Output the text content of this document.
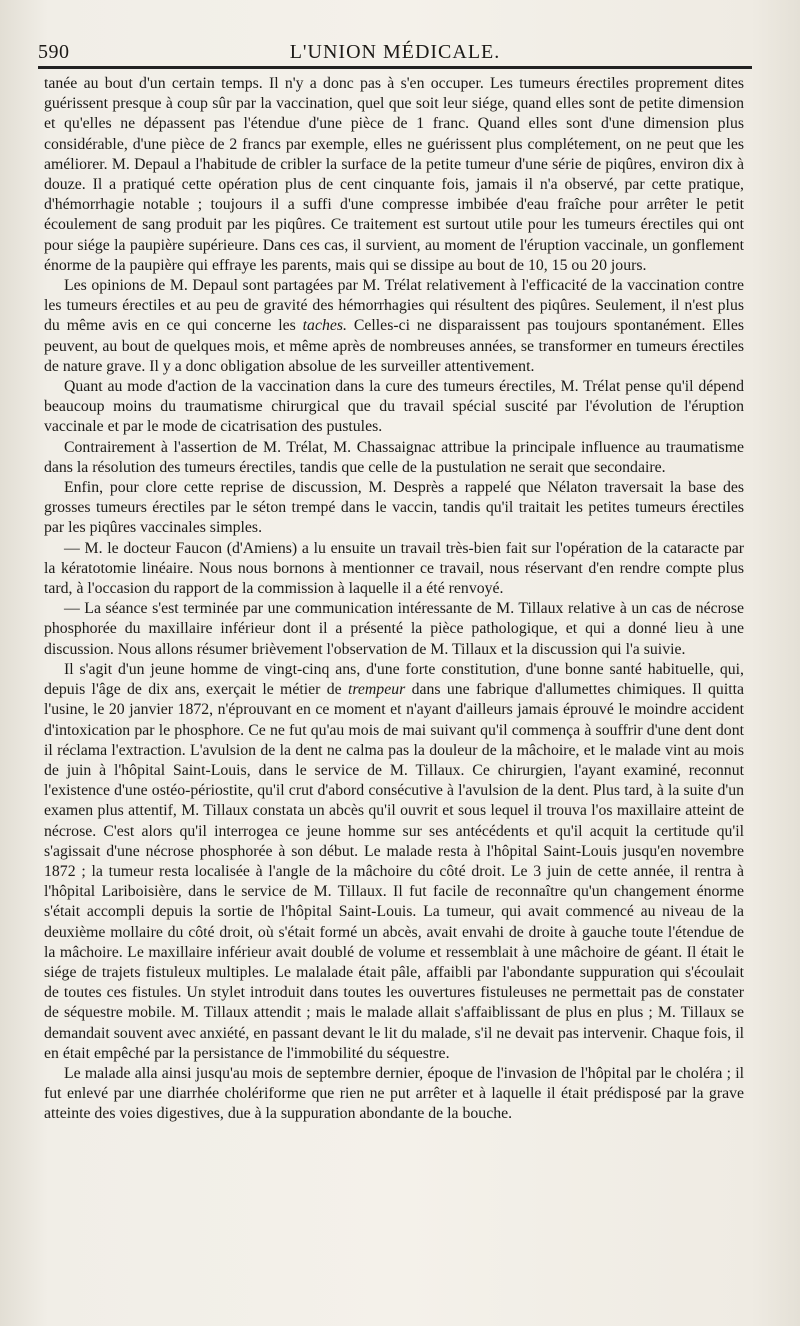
590	L'UNION MÉDICALE.

tanée au bout d'un certain temps. Il n'y a donc pas à s'en occuper. Les tumeurs érectiles proprement dites guérissent presque à coup sûr par la vaccination, quel que soit leur siége, quand elles sont de petite dimension et qu'elles ne dépassent pas l'étendue d'une pièce de 1 franc. Quand elles sont d'une dimension plus considérable, d'une pièce de 2 francs par exemple, elles ne guérissent plus complétement, on ne peut que les améliorer. M. Depaul a l'habitude de cribler la surface de la petite tumeur d'une série de piqûres, environ dix à douze. Il a pratiqué cette opération plus de cent cinquante fois, jamais il n'a observé, par cette pratique, d'hémorrhagie notable ; toujours il a suffi d'une compresse imbibée d'eau fraîche pour arrêter le petit écoulement de sang produit par les piqûres. Ce traitement est surtout utile pour les tumeurs érectiles qui ont pour siége la paupière supérieure. Dans ces cas, il survient, au moment de l'éruption vaccinale, un gonflement énorme de la paupière qui effraye les parents, mais qui se dissipe au bout de 10, 15 ou 20 jours.

Les opinions de M. Depaul sont partagées par M. Trélat relativement à l'efficacité de la vaccination contre les tumeurs érectiles et au peu de gravité des hémorrhagies qui résultent des piqûres. Seulement, il n'est plus du même avis en ce qui concerne les taches. Celles-ci ne disparaissent pas toujours spontanément. Elles peuvent, au bout de quelques mois, et même après de nombreuses années, se transformer en tumeurs érectiles de nature grave. Il y a donc obligation absolue de les surveiller attentivement.

Quant au mode d'action de la vaccination dans la cure des tumeurs érectiles, M. Trélat pense qu'il dépend beaucoup moins du traumatisme chirurgical que du travail spécial suscité par l'évolution de l'éruption vaccinale et par le mode de cicatrisation des pustules.

Contrairement à l'assertion de M. Trélat, M. Chassaignac attribue la principale influence au traumatisme dans la résolution des tumeurs érectiles, tandis que celle de la pustulation ne serait que secondaire.

Enfin, pour clore cette reprise de discussion, M. Desprès a rappelé que Nélaton traversait la base des grosses tumeurs érectiles par le séton trempé dans le vaccin, tandis qu'il traitait les petites tumeurs érectiles par les piqûres vaccinales simples.

— M. le docteur Faucon (d'Amiens) a lu ensuite un travail très-bien fait sur l'opération de la cataracte par la kératotomie linéaire. Nous nous bornons à mentionner ce travail, nous réservant d'en rendre compte plus tard, à l'occasion du rapport de la commission à laquelle il a été renvoyé.

— La séance s'est terminée par une communication intéressante de M. Tillaux relative à un cas de nécrose phosphorée du maxillaire inférieur dont il a présenté la pièce pathologique, et qui a donné lieu à une discussion. Nous allons résumer brièvement l'observation de M. Tillaux et la discussion qui l'a suivie.

Il s'agit d'un jeune homme de vingt-cinq ans, d'une forte constitution, d'une bonne santé habituelle, qui, depuis l'âge de dix ans, exerçait le métier de trempeur dans une fabrique d'allumettes chimiques. Il quitta l'usine, le 20 janvier 1872, n'éprouvant en ce moment et n'ayant d'ailleurs jamais éprouvé le moindre accident d'intoxication par le phosphore. Ce ne fut qu'au mois de mai suivant qu'il commença à souffrir d'une dent dont il réclama l'extraction. L'avulsion de la dent ne calma pas la douleur de la mâchoire, et le malade vint au mois de juin à l'hôpital Saint-Louis, dans le service de M. Tillaux. Ce chirurgien, l'ayant examiné, reconnut l'existence d'une ostéo-périostite, qu'il crut d'abord consécutive à l'avulsion de la dent. Plus tard, à la suite d'un examen plus attentif, M. Tillaux constata un abcès qu'il ouvrit et sous lequel il trouva l'os maxillaire atteint de nécrose. C'est alors qu'il interrogea ce jeune homme sur ses antécédents et qu'il acquit la certitude qu'il s'agissait d'une nécrose phosphorée à son début. Le malade resta à l'hôpital Saint-Louis jusqu'en novembre 1872 ; la tumeur resta localisée à l'angle de la mâchoire du côté droit. Le 3 juin de cette année, il rentra à l'hôpital Lariboisière, dans le service de M. Tillaux. Il fut facile de reconnaître qu'un changement énorme s'était accompli depuis la sortie de l'hôpital Saint-Louis. La tumeur, qui avait commencé au niveau de la deuxième mollaire du côté droit, où s'était formé un abcès, avait envahi de droite à gauche toute l'étendue de la mâchoire. Le maxillaire inférieur avait doublé de volume et ressemblait à une mâchoire de géant. Il était le siége de trajets fistuleux multiples. Le malalade était pâle, affaibli par l'abondante suppuration qui s'écoulait de toutes ces fistules. Un stylet introduit dans toutes les ouvertures fistuleuses ne permettait pas de constater de séquestre mobile. M. Tillaux attendit ; mais le malade allait s'affaiblissant de plus en plus ; M. Tillaux se demandait souvent avec anxiété, en passant devant le lit du malade, s'il ne devait pas intervenir. Chaque fois, il en était empêché par la persistance de l'immobilité du séquestre.

Le malade alla ainsi jusqu'au mois de septembre dernier, époque de l'invasion de l'hôpital par le choléra ; il fut enlevé par une diarrhée cholériforme que rien ne put arrêter et à laquelle il était prédisposé par la grave atteinte des voies digestives, due à la suppuration abondante de la bouche.
